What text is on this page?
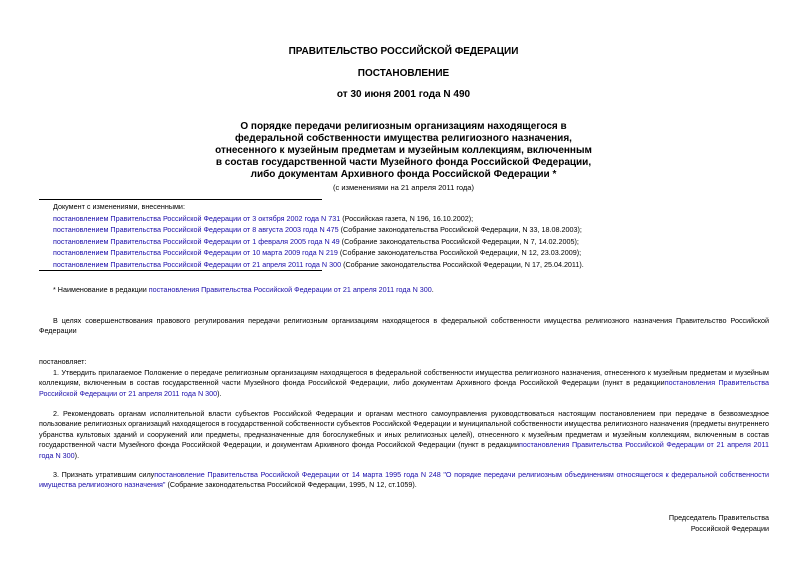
ПРАВИТЕЛЬСТВО РОССИЙСКОЙ ФЕДЕРАЦИИ
ПОСТАНОВЛЕНИЕ
от 30 июня 2001 года N 490
О порядке передачи религиозным организациям находящегося в
федеральной собственности имущества религиозного назначения,
отнесенного к музейным предметам и музейным коллекциям, включенным
в состав государственной части Музейного фонда Российской Федерации,
либо документам Архивного фонда Российской Федерации *
(с изменениями на 21 апреля 2011 года)
Документ с изменениями, внесенными:
постановлением Правительства Российской Федерации от 3 октября 2002 года N 731 (Российская газета, N 196, 16.10.2002);
постановлением Правительства Российской Федерации от 8 августа 2003 года N 475 (Собрание законодательства Российской Федерации, N 33, 18.08.2003);
постановлением Правительства Российской Федерации от 1 февраля 2005 года N 49 (Собрание законодательства Российской Федерации, N 7, 14.02.2005);
постановлением Правительства Российской Федерации от 10 марта 2009 года N 219 (Собрание законодательства Российской Федерации, N 12, 23.03.2009);
постановлением Правительства Российской Федерации от 21 апреля 2011 года N 300 (Собрание законодательства Российской Федерации, N 17, 25.04.2011).
* Наименование в редакции постановления Правительства Российской Федерации от 21 апреля 2011 года N 300.
В целях совершенствования правового регулирования передачи религиозным организациям находящегося в федеральной собственности имущества религиозного назначения Правительство Российской Федерации
постановляет:
1. Утвердить прилагаемое Положение о передаче религиозным организациям находящегося в федеральной собственности имущества религиозного назначения, отнесенного к музейным предметам и музейным коллекциям, включенным в состав государственной части Музейного фонда Российской Федерации, либо документам Архивного фонда Российской Федерации (пункт в редакциипостановления Правительства Российской Федерации от 21 апреля 2011 года N 300).
2. Рекомендовать органам исполнительной власти субъектов Российской Федерации и органам местного самоуправления руководствоваться настоящим постановлением при передаче в безвозмездное пользование религиозных организаций находящегося в государственной собственности субъектов Российской Федерации и муниципальной собственности имущества религиозного назначения (предметы внутреннего убранства культовых зданий и сооружений или предметы, предназначенные для богослужебных и иных религиозных целей), отнесенного к музейным предметам и музейным коллекциям, включенным в состав государственной части Музейного фонда Российской Федерации, и документам Архивного фонда Российской Федерации (пункт в редакциипостановления Правительства Российской Федерации от 21 апреля 2011 года N 300).
3. Признать утратившим силупостановление Правительства Российской Федерации от 14 марта 1995 года N 248 "О порядке передачи религиозным объединениям относящегося к федеральной собственности имущества религиозного назначения" (Собрание законодательства Российской Федерации, 1995, N 12, ст.1059).
Председатель Правительства
Российской Федерации
